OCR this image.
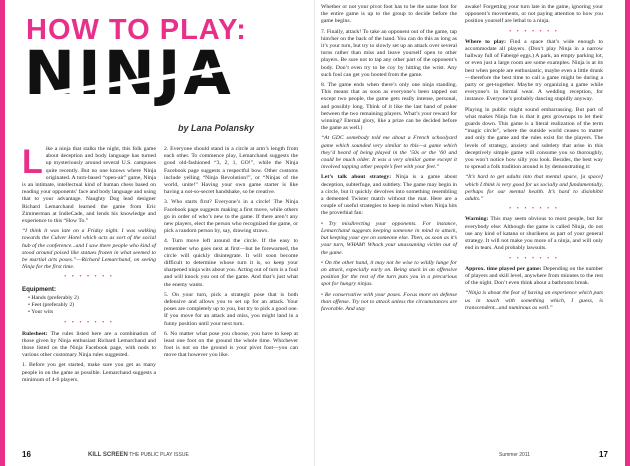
HOW TO PLAY:
NINJA
by Lana Polansky

Like a ninja that stalks the night, this folk game about deception and body language has turned up mysteriously around several U.S. campuses quite recently. But no one knows where Ninja originated. A turn-based “open-air” game, Ninja is an intimate, intellectual kind of human chess based on reading your opponents’ face and body language and using that to your advantage. Naughty Dog lead designer Richard Lemarchand learned the game from Eric Zimmerman at IndieCade, and lends his knowledge and experience to this “How To.”

“I think it was late on a Friday night. I was walking towards the Culver Hotel which acts as sort of the social hub of the conference...and I saw there people who kind of stood around poised like statues frozen in what seemed to be martial arts poses.”—Richard Lemarchand, on seeing Ninja for the first time.

• • • • • • •
Equipment:
• Hands (preferably 2)
• Feet (preferably 2)
• Your wits
• • • • • • •

Rulesheet: The rules listed here are a combination of those given by Ninja enthusiast Richard Lemarchand and those listed on the Ninja Facebook page, with nods to various other customary Ninja rules suggested.

1. Before you get started, make sure you get as many people in on the game as possible. Lemarchand suggests a minimum of 4-6 players.

2. Everyone should stand in a circle at arm’s length from each other. To commence play, Lemarchand suggests the good old-fashioned “3, 2, 1, GO!”, while the Ninja Facebook page suggests a respectful bow. Other customs include yelling “Ninja Revolution!”, or “Ninjas of the world, unite!” Having your own game starter is like having a not-so-secret handshake, so be creative.

3. Who starts first? Everyone’s in a circle! The Ninja Facebook page suggests making a first move, while others go in order of who’s new to the game. If there aren’t any new players, elect the person who recognized the game, or pick a random person by, say, drawing straws.

4. Turn move left around the circle. If the easy to remember who goes next at first—but be forewarned, the circle will quickly disintegrate. It will soon become difficult to determine whose turn it is, so keep your sharpened ninja wits about you. Acting out of turn is a foul and will knock you out of the game. And that’s just what the enemy wants.

5. On your turn, pick a strategic pose that is both defensive and allows you to set up for an attack. Your poses are completely up to you, but try to pick a good one. If you move for an attack and miss, you might land in a funny position until your next turn.

6. No matter what pose you choose, you have to keep at least one foot on the ground the whole time. Whichever foot is not on the ground is your pivot foot—you can move that however you like.

16	KILL SCREEN THE PUBLIC PLAY ISSUE

Whether or not your pivot foot has to be the same foot for the entire game is up to the group to decide before the game begins.

7. Finally, attack! To take an opponent out of the game, tap him/her on the back of the hand. You can do this as long as it’s your turn, but try to slowly set up an attack over several turns rather than miss and leave yourself open to other players. Be sure not to tap any other part of the opponent’s body. Don’t even try to be coy by hitting the wrist. Any such foul can get you booted from the game.

8. The game ends when there’s only one ninja standing. This means that as soon as everyone’s been tapped out except two people, the game gets really intense, personal, and possibly long. Think of it like the last hand of poker between the two remaining players. What’s your reward for winning? Eternal glory, like a prize can be decided before the game as well.)

“At GDC somebody told me about a French schoolyard game which sounded very similar to this—a game which they’d heard of being played in the ’50s or the ’60 and could be much older. It was a very similar game except it involved tapping other people’s feet with your feet.”

Let’s talk about strategy: Ninja is a game about deception, subterfuge, and subtlety. The game may begin in a circle, but it quickly devolves into something resembling a demented Twister match without the mat. Here are a couple of useful strategies to keep in mind when Ninja hits the proverbial fan:

• Try misdirecting your opponents. For instance, Lemarchand suggests keeping someone in mind to attack, but keeping your eye on someone else. Then, as soon as it’s your turn, WHAM! Whack your unassuming victim out of the game.

• On the other hand, it may not be wise to wildly lunge for an attack, especially early on. Being stuck in an offensive position for the rest of the turn puts you in a precarious spot for hungry ninjas.

• Be conservative with your poses. Focus more on defense than offense. Try not to attack unless the circumstances are favorable. And stay

awake! Forgetting your turn late in the game, ignoring your opponent’s movements, or not paying attention to how you position yourself are lethal to a ninja.

• • • • • • •

Where to play: Find a space that’s wide enough to accommodate all players. (Don’t play Ninja in a narrow hallway full of Fabergé eggs.) A park, an empty parking lot, or even just a large room are some examples. Ninja is at its best when people are enthusiastic, maybe even a little drunk—therefore the best time to call a game might be during a party or get-together. Maybe try organizing a game while everyone’s in formal wear. A wedding reception, for instance. Everyone’s probably dancing stupidly anyway.

Playing in public might sound embarrassing. But part of what makes Ninja fun is that it gets grownups to let their guards down. This game is a literal realization of the term “magic circle”, where the outside world ceases to matter and only the game and the rules exist for the players. The levels of strategy, anxiety and subtlety that arise in this deceptively simple game will consume you so thoroughly, you won’t notice how silly you look. Besides, the best way to spread a folk tradition around is by demonstrating it:

“It’s hard to get adults into that mental space, [a space] which I think is very good for us socially and fundamentally, perhaps for our mental health. It’s hard to disinhibit adults.”

• • • • • • •

Warning: This may seem obvious to most people, but for everybody else: Although the game is called Ninja, do not use any kind of katana or shurikens as part of your general strategy. It will not make you more of a ninja, and will only end in tears. And probably lawsuits.

• • • • • • •

Approx. time played per game: Depending on the number of players and skill level, anywhere from minutes to the rest of the night. Don’t even think about a bathroom break.

“Ninja is about the fear of having an experience which puts us in touch with something which, I guess, is transcendent...and numinous as well.”

Summer 2011	17
